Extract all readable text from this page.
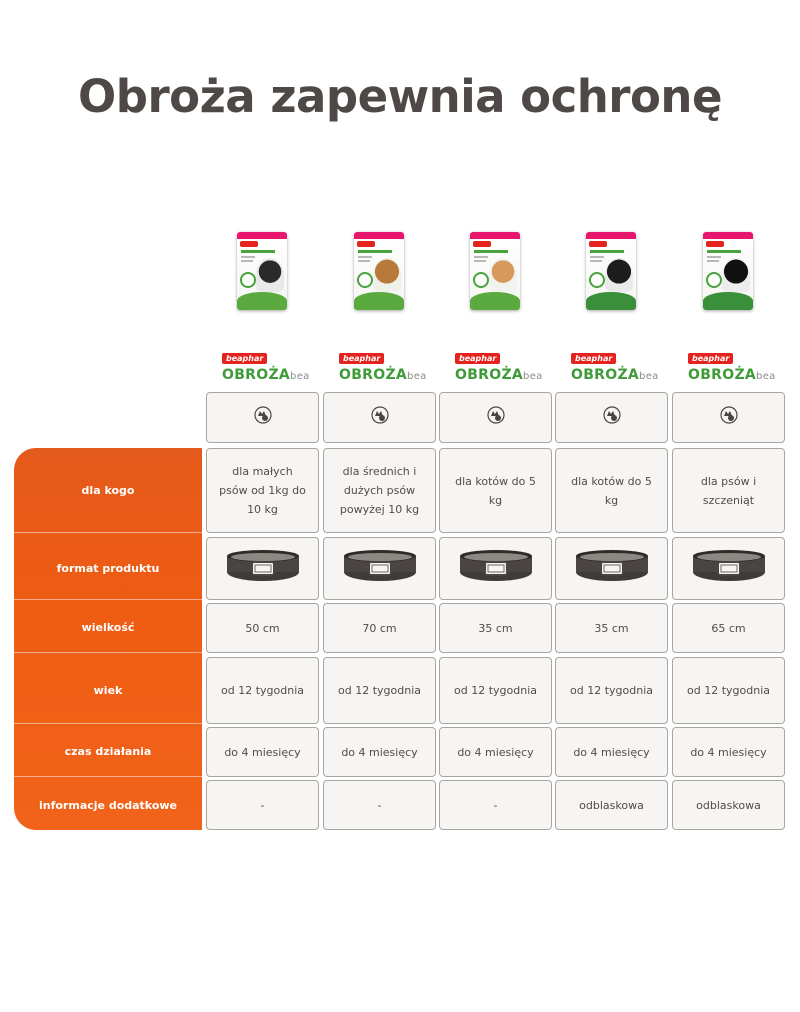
Obroża zapewnia ochronę
dla kogo
format produktu
wielkość
wiek
czas działania
informacje dodatkowe
beaphar
OBROŻAbea
dla małych psów od 1kg do 10 kg
50 cm
od 12 tygodnia
do 4 miesięcy
-
beaphar
OBROŻAbea
dla średnich i dużych psów powyżej 10 kg
70 cm
od 12 tygodnia
do 4 miesięcy
-
beaphar
OBROŻAbea
dla kotów do 5 kg
35 cm
od 12 tygodnia
do 4 miesięcy
-
beaphar
OBROŻAbea
dla kotów do 5 kg
35 cm
od 12 tygodnia
do 4 miesięcy
odblaskowa
beaphar
OBROŻAbea
dla psów i szczeniąt
65 cm
od 12 tygodnia
do 4 miesięcy
odblaskowa
